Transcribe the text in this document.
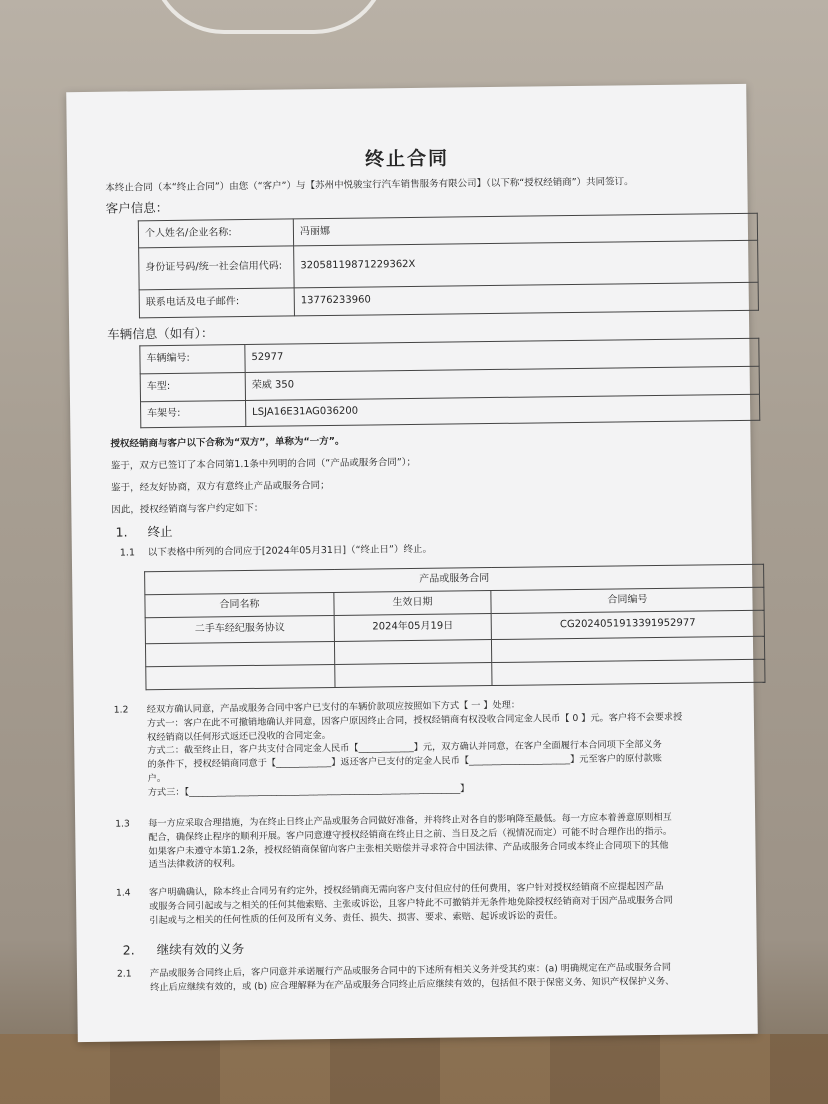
终止合同
本终止合同（本“终止合同”）由您（“客户”）与【苏州中悦骏宝行汽车销售服务有限公司】（以下称“授权经销商”）共同签订。
客户信息：
个人姓名/企业名称:	冯丽娜
身份证号码/统一社会信用代码:	32058119871229362X
联系电话及电子邮件:	13776233960
车辆信息（如有）：
车辆编号:	52977
车型:	荣威 350
车架号:	LSJA16E31AG036200
授权经销商与客户以下合称为“双方”，单称为“一方”。
鉴于，双方已签订了本合同第1.1条中列明的合同（“产品或服务合同”）；
鉴于，经友好协商，双方有意终止产品或服务合同；
因此，授权经销商与客户约定如下：
1. 终止
1.1 以下表格中所列的合同应于[2024年05月31日]（“终止日”）终止。
产品或服务合同		
合同名称	生效日期	合同编号
二手车经纪服务协议	2024年05月19日	CG2024051913391952977

1.2 经双方确认同意，产品或服务合同中客户已支付的车辆价款项应按照如下方式【 一 】处理：
方式一：客户在此不可撤销地确认并同意，因客户原因终止合同，授权经销商有权没收合同定金人民币【 0 】元。客户将不会要求授
权经销商以任何形式返还已没收的合同定金。
方式二：截至终止日，客户共支付合同定金人民币【____________】元，双方确认并同意，在客户全面履行本合同项下全部义务
的条件下，授权经销商同意于【____________】返还客户已支付的定金人民币【______________________】元至客户的原付款账
户。
方式三：【___________________________________________________________】
1.3 每一方应采取合理措施，为在终止日终止产品或服务合同做好准备，并将终止对各自的影响降至最低。每一方应本着善意原则相互
配合，确保终止程序的顺利开展。客户同意遵守授权经销商在终止日之前、当日及之后（视情况而定）可能不时合理作出的指示。
如果客户未遵守本第1.2条，授权经销商保留向客户主张相关赔偿并寻求符合中国法律、产品或服务合同或本终止合同项下的其他
适当法律救济的权利。
1.4 客户明确确认，除本终止合同另有约定外，授权经销商无需向客户支付但应付的任何费用，客户针对授权经销商不应提起因产品
或服务合同引起或与之相关的任何其他索赔、主张或诉讼，且客户特此不可撤销并无条件地免除授权经销商对于因产品或服务合同
引起或与之相关的任何性质的任何及所有义务、责任、损失、损害、要求、索赔、起诉或诉讼的责任。
2. 继续有效的义务
2.1 产品或服务合同终止后，客户同意并承诺履行产品或服务合同中的下述所有相关义务并受其约束：(a) 明确规定在产品或服务合同
终止后应继续有效的，或 (b) 应合理解释为在产品或服务合同终止后应继续有效的，包括但不限于保密义务、知识产权保护义务、
